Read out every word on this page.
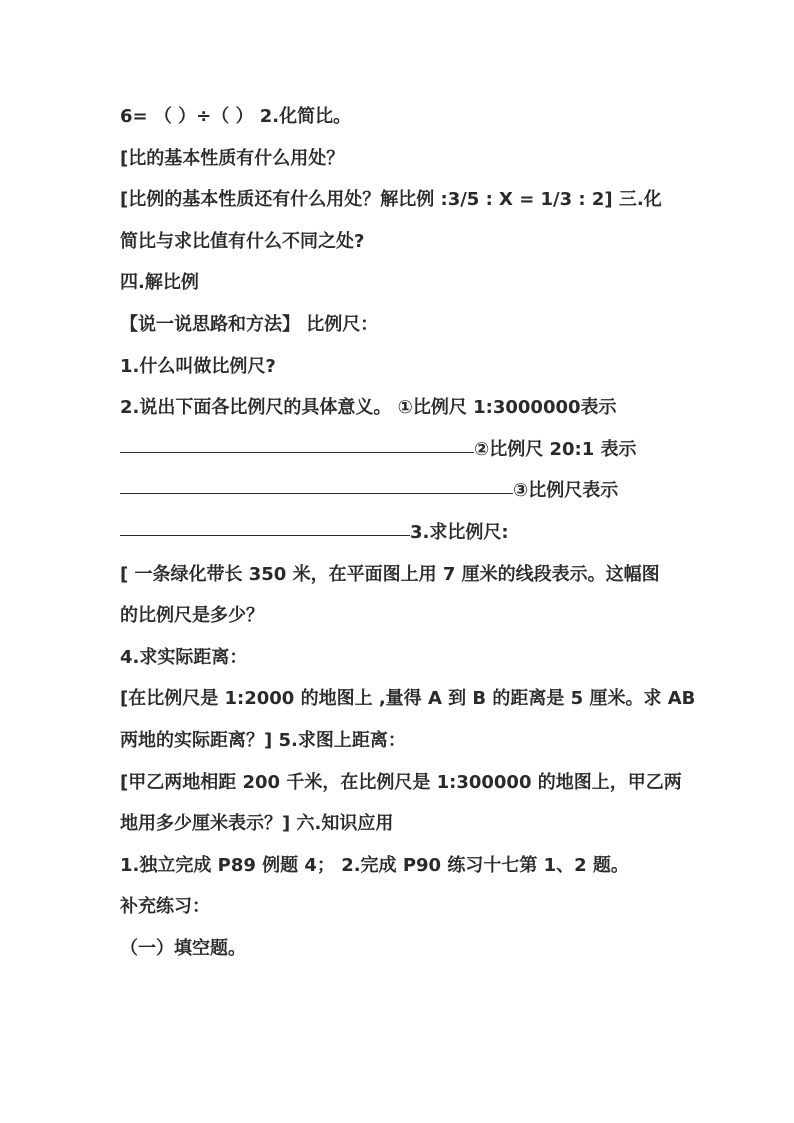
6= （ ）÷（ ） 2.化简比。
[比的基本性质有什么用处？
[比例的基本性质还有什么用处？解比例 :3/5 : X = 1/3 : 2] 三.化
简比与求比值有什么不同之处?
四.解比例
【说一说思路和方法】 比例尺：
1.什么叫做比例尺?
2.说出下面各比例尺的具体意义。 ①比例尺 1:3000000表示
②比例尺 20:1 表示
③比例尺表示
3.求比例尺:
[ 一条绿化带长 350 米，在平面图上用 7 厘米的线段表示。这幅图
的比例尺是多少？
4.求实际距离：
[在比例尺是 1:2000 的地图上 ,量得 A 到 B 的距离是 5 厘米。求 AB
两地的实际距离？] 5.求图上距离：
[甲乙两地相距 200 千米，在比例尺是 1:300000 的地图上，甲乙两
地用多少厘米表示？] 六.知识应用
1.独立完成 P89 例题 4； 2.完成 P90 练习十七第 1、2 题。
补充练习：
（一）填空题。
